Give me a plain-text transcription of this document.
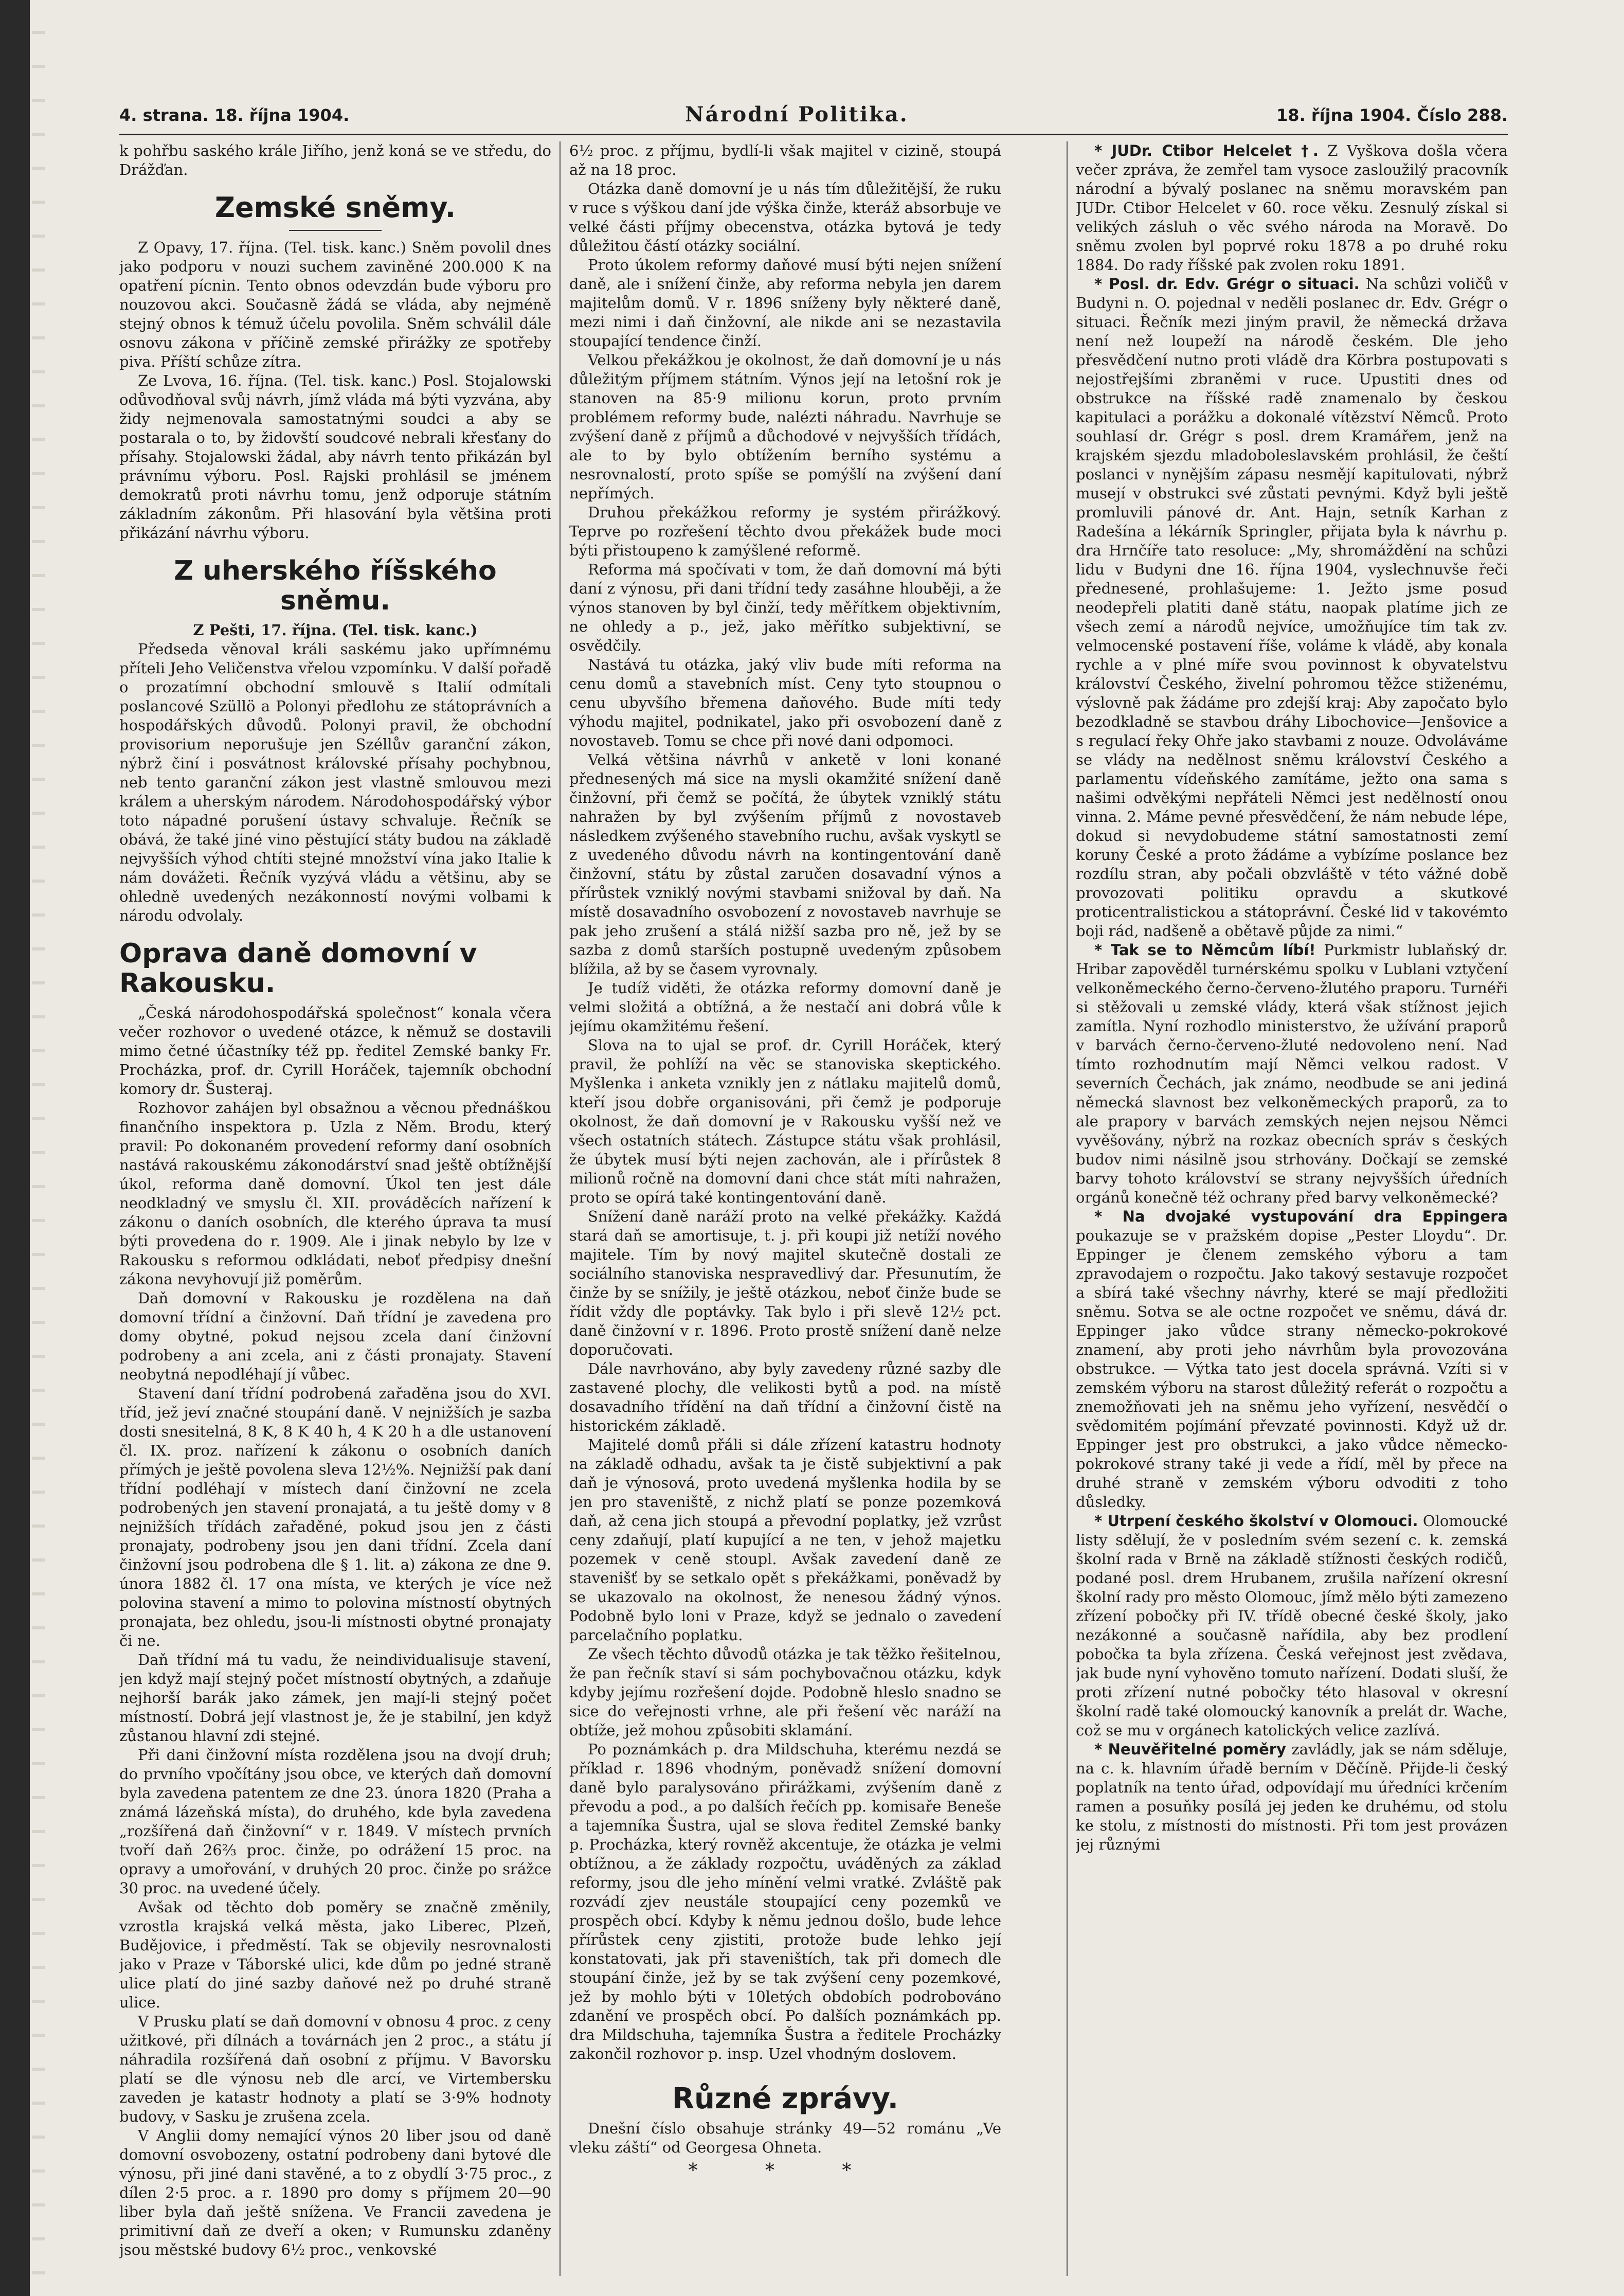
4. strana. 18. října 1904.	Národní Politika.	18. října 1904. Číslo 288.

k pohřbu saského krále Jiřího, jenž koná se ve středu, do Drážďan.

Zemské sněmy.

Z Opavy, 17. října. (Tel. tisk. kanc.) Sněm povolil dnes jako podporu v nouzi suchem zaviněné 200.000 K na opatření pícnin. Tento obnos odevzdán bude výboru pro nouzovou akci. Současně žádá se vláda, aby nejméně stejný obnos k témuž účelu povolila. Sněm schválil dále osnovu zákona v příčině zemské přirážky ze spotřeby piva. Příští schůze zítra.

Ze Lvova, 16. října. (Tel. tisk. kanc.) Posl. Stojalowski odůvodňoval svůj návrh, jímž vláda má býti vyzvána, aby židy nejmenovala samostatnými soudci a aby se postarala o to, by židovští soudcové nebrali křesťany do přísahy. Stojalowski žádal, aby návrh tento přikázán byl právnímu výboru. Posl. Rajski prohlásil se jménem demokratů proti návrhu tomu, jenž odporuje státním základním zákonům. Při hlasování byla většina proti přikázání návrhu výboru.

Z uherského říšského sněmu.
Z Pešti, 17. října. (Tel. tisk. kanc.)

Předseda věnoval králi saskému jako upřímnému příteli Jeho Veličenstva vřelou vzpomínku. V další pořadě o prozatímní obchodní smlouvě s Italií odmítali poslancové Szüllö a Polonyi předlohu ze státoprávních a hospodářských důvodů. Polonyi pravil, že obchodní provisorium neporušuje jen Széllův garanční zákon, nýbrž činí i posvátnost královské přísahy pochybnou, neb tento garanční zákon jest vlastně smlouvou mezi králem a uherským národem. Národohospodářský výbor toto nápadné porušení ústavy schvaluje. Řečník se obává, že také jiné vino pěstující státy budou na základě nejvyšších výhod chtíti stejné množství vína jako Italie k nám dovážeti. Řečník vyzývá vládu a většinu, aby se ohledně uvedených nezákonností novými volbami k národu odvolaly.

Oprava daně domovní v Rakousku.

„Česká národohospodářská společnost“ konala včera večer rozhovor o uvedené otázce, k němuž se dostavili mimo četné účastníky též pp. ředitel Zemské banky Fr. Procházka, prof. dr. Cyrill Horáček, tajemník obchodní komory dr. Šusteraj.

Rozhovor zahájen byl obsažnou a věcnou přednáškou finančního inspektora p. Uzla z Něm. Brodu, který pravil: Po dokonaném provedení reformy daní osobních nastává rakouskému zákonodárství snad ještě obtížnější úkol, reforma daně domovní. Úkol ten jest dále neodkladný ve smyslu čl. XII. prováděcích nařízení k zákonu o daních osobních, dle kterého úprava ta musí býti provedena do r. 1909. Ale i jinak nebylo by lze v Rakousku s reformou odkládati, neboť předpisy dnešní zákona nevyhovují již poměrům.

Daň domovní v Rakousku je rozdělena na daň domovní třídní a činžovní. Daň třídní je zavedena pro domy obytné, pokud nejsou zcela daní činžovní podrobeny a ani zcela, ani z části pronajaty. Stavení neobytná nepodléhají jí vůbec.

Stavení daní třídní podrobená zařaděna jsou do XVI. tříd, jež jeví značné stoupání daně. V nejnižších je sazba dosti snesitelná, 8 K, 8 K 40 h, 4 K 20 h a dle ustanovení čl. IX. proz. nařízení k zákonu o osobních daních přímých je ještě povolena sleva 12½%. Nejnižší pak daní třídní podléhají v místech daní činžovní ne zcela podrobených jen stavení pronajatá, a tu ještě domy v 8 nejnižších třídách zařaděné, pokud jsou jen z části pronajaty, podrobeny jsou jen dani třídní. Zcela daní činžovní jsou podrobena dle § 1. lit. a) zákona ze dne 9. února 1882 čl. 17 ona místa, ve kterých je více než polovina stavení a mimo to polovina místností obytných pronajata, bez ohledu, jsou-li místnosti obytné pronajaty či ne.

Daň třídní má tu vadu, že neindividualisuje stavení, jen když mají stejný počet místností obytných, a zdaňuje nejhorší barák jako zámek, jen mají-li stejný počet místností. Dobrá její vlastnost je, že je stabilní, jen když zůstanou hlavní zdi stejné.

Při dani činžovní místa rozdělena jsou na dvojí druh; do prvního vpočítány jsou obce, ve kterých daň domovní byla zavedena patentem ze dne 23. února 1820 (Praha a známá lázeňská místa), do druhého, kde byla zavedena „rozšířená daň činžovní“ v r. 1849. V místech prvních tvoří daň 26⅔ proc. činže, po odrážení 15 proc. na opravy a umořování, v druhých 20 proc. činže po srážce 30 proc. na uvedené účely.

Avšak od těchto dob poměry se značně změnily, vzrostla krajská velká města, jako Liberec, Plzeň, Budějovice, i předměstí. Tak se objevily nesrovnalosti jako v Praze v Táborské ulici, kde dům po jedné straně ulice platí do jiné sazby daňové než po druhé straně ulice.

V Prusku platí se daň domovní v obnosu 4 proc. z ceny užitkové, při dílnách a továrnách jen 2 proc., a státu jí náhradila rozšířená daň osobní z příjmu. V Bavorsku platí se dle výnosu neb dle arcí, ve Virtembersku zaveden je katastr hodnoty a platí se 3·9% hodnoty budovy, v Sasku je zrušena zcela.

V Anglii domy nemající výnos 20 liber jsou od daně domovní osvobozeny, ostatní podrobeny dani bytové dle výnosu, při jiné dani stavěné, a to z obydlí 3·75 proc., z dílen 2·5 proc. a r. 1890 pro domy s příjmem 20—90 liber byla daň ještě snížena. Ve Francii zavedena je primitivní daň ze dveří a oken; v Rumunsku zdaněny jsou městské budovy 6½ proc., venkovské

6½ proc. z příjmu, bydlí-li však majitel v cizině, stoupá až na 18 proc.

Otázka daně domovní je u nás tím důležitější, že ruku v ruce s výškou daní jde výška činže, kteráž absorbuje ve velké části příjmy obecenstva, otázka bytová je tedy důležitou částí otázky sociální.

Proto úkolem reformy daňové musí býti nejen snížení daně, ale i snížení činže, aby reforma nebyla jen darem majitelům domů. V r. 1896 sníženy byly některé daně, mezi nimi i daň činžovní, ale nikde ani se nezastavila stoupající tendence činží.

Velkou překážkou je okolnost, že daň domovní je u nás důležitým příjmem státním. Výnos její na letošní rok je stanoven na 85·9 milionu korun, proto prvním problémem reformy bude, nalézti náhradu. Navrhuje se zvýšení daně z příjmů a důchodové v nejvyšších třídách, ale to by bylo obtížením berního systému a nesrovnalostí, proto spíše se pomýšlí na zvýšení daní nepřímých.

Druhou překážkou reformy je systém přirážkový. Teprve po rozřešení těchto dvou překážek bude moci býti přistoupeno k zamýšlené reformě.

Reforma má spočívati v tom, že daň domovní má býti daní z výnosu, při dani třídní tedy zasáhne hlouběji, a že výnos stanoven by byl činží, tedy měřítkem objektivním, ne ohledy a p., jež, jako měřítko subjektivní, se osvědčily.

Nastává tu otázka, jaký vliv bude míti reforma na cenu domů a stavebních míst. Ceny tyto stoupnou o cenu ubyvšího břemena daňového. Bude míti tedy výhodu majitel, podnikatel, jako při osvobození daně z novostaveb. Tomu se chce při nové dani odpomoci.

Velká většina návrhů v anketě v loni konané přednesených má sice na mysli okamžité snížení daně činžovní, při čemž se počítá, že úbytek vzniklý státu nahražen by byl zvýšením příjmů z novostaveb následkem zvýšeného stavebního ruchu, avšak vyskytl se z uvedeného důvodu návrh na kontingentování daně činžovní, státu by zůstal zaručen dosavadní výnos a přírůstek vzniklý novými stavbami snižoval by daň. Na místě dosavadního osvobození z novostaveb navrhuje se pak jeho zrušení a stálá nižší sazba pro ně, jež by se sazba z domů starších postupně uvedeným způsobem blížila, až by se časem vyrovnaly.

Je tudíž viděti, že otázka reformy domovní daně je velmi složitá a obtížná, a že nestačí ani dobrá vůle k jejímu okamžitému řešení.

Slova na to ujal se prof. dr. Cyrill Horáček, který pravil, že pohlíží na věc se stanoviska skeptického. Myšlenka i anketa vznikly jen z nátlaku majitelů domů, kteří jsou dobře organisováni, při čemž je podporuje okolnost, že daň domovní je v Rakousku vyšší než ve všech ostatních státech. Zástupce státu však prohlásil, že úbytek musí býti nejen zachován, ale i přírůstek 8 milionů ročně na domovní dani chce stát míti nahražen, proto se opírá také kontingentování daně.

Snížení daně naráží proto na velké překážky. Každá stará daň se amortisuje, t. j. při koupi již netíží nového majitele. Tím by nový majitel skutečně dostali ze sociálního stanoviska nespravedlivý dar. Přesunutím, že činže by se snížily, je ještě otázkou, neboť činže bude se řídit vždy dle poptávky. Tak bylo i při slevě 12½ pct. daně činžovní v r. 1896. Proto prostě snížení daně nelze doporučovati.

Dále navrhováno, aby byly zavedeny různé sazby dle zastavené plochy, dle velikosti bytů a pod. na místě dosavadního třídění na daň třídní a činžovní čistě na historickém základě.

Majitelé domů přáli si dále zřízení katastru hodnoty na základě odhadu, avšak ta je čistě subjektivní a pak daň je výnosová, proto uvedená myšlenka hodila by se jen pro staveniště, z nichž platí se ponze pozemková daň, až cena jich stoupá a převodní poplatky, jež vzrůst ceny zdaňují, platí kupující a ne ten, v jehož majetku pozemek v ceně stoupl. Avšak zavedení daně ze stavenišť by se setkalo opět s překážkami, poněvadž by se ukazovalo na okolnost, že nenesou žádný výnos. Podobně bylo loni v Praze, když se jednalo o zavedení parcelačního poplatku.

Ze všech těchto důvodů otázka je tak těžko řešitelnou, že pan řečník staví si sám pochybovačnou otázku, kdyk kdyby jejímu rozřešení dojde. Podobně hleslo snadno se sice do veřejnosti vrhne, ale při řešení věc naráží na obtíže, jež mohou způsobiti sklamání.

Po poznámkách p. dra Mildschuha, kterému nezdá se příklad r. 1896 vhodným, poněvadž snížení domovní daně bylo paralysováno přirážkami, zvýšením daně z převodu a pod., a po dalších řečích pp. komisaře Beneše a tajemníka Šustra, ujal se slova ředitel Zemské banky p. Procházka, který rovněž akcentuje, že otázka je velmi obtížnou, a že základy rozpočtu, uváděných za základ reformy, jsou dle jeho mínění velmi vratké. Zvláště pak rozvádí zjev neustále stoupající ceny pozemků ve prospěch obcí. Kdyby k němu jednou došlo, bude lehce přírůstek ceny zjistiti, protože bude lehko její konstatovati, jak při staveništích, tak při domech dle stoupání činže, jež by se tak zvýšení ceny pozemkové, jež by mohlo býti v 10letých obdobích podrobováno zdanění ve prospěch obcí. Po dalších poznámkách pp. dra Mildschuha, tajemníka Šustra a ředitele Procházky zakončil rozhovor p. insp. Uzel vhodným doslovem.

Různé zprávy.

Dnešní číslo obsahuje stránky 49—52 románu „Ve vleku záští“ od Georgesa Ohneta.

* * *

* JUDr. Ctibor Helcelet †. Z Vyškova došla včera večer zpráva, že zemřel tam vysoce zasloužilý pracovník národní a bývalý poslanec na sněmu moravském pan JUDr. Ctibor Helcelet v 60. roce věku. Zesnulý získal si velikých zásluh o věc svého národa na Moravě. Do sněmu zvolen byl poprvé roku 1878 a po druhé roku 1884. Do rady říšské pak zvolen roku 1891.

* Posl. dr. Edv. Grégr o situaci. Na schůzi voličů v Budyni n. O. pojednal v neděli poslanec dr. Edv. Grégr o situaci. Řečník mezi jiným pravil, že německá država není než loupeží na národě českém. Dle jeho přesvědčení nutno proti vládě dra Körbra postupovati s nejostřejšími zbraněmi v ruce. Upustiti dnes od obstrukce na říšské radě znamenalo by českou kapitulaci a porážku a dokonalé vítězství Němců. Proto souhlasí dr. Grégr s posl. drem Kramářem, jenž na krajském sjezdu mladoboleslavském prohlásil, že čeští poslanci v nynějším zápasu nesmějí kapitulovati, nýbrž musejí v obstrukci své zůstati pevnými. Když byli ještě promluvili pánové dr. Ant. Hajn, setník Karhan z Radešína a lékárník Springler, přijata byla k návrhu p. dra Hrnčíře tato resoluce: „My, shromáždění na schůzi lidu v Budyni dne 16. října 1904, vyslechnuvše řeči přednesené, prohlašujeme: 1. Ježto jsme posud neodepřeli platiti daně státu, naopak platíme jich ze všech zemí a národů nejvíce, umožňujíce tím tak zv. velmocenské postavení říše, voláme k vládě, aby konala rychle a v plné míře svou povinnost k obyvatelstvu království Českého, živelní pohromou těžce stiženému, výslovně pak žádáme pro zdejší kraj: Aby započato bylo bezodkladně se stavbou dráhy Libochovice—Jenšovice a s regulací řeky Ohře jako stavbami z nouze. Odvoláváme se vlády na nedělnost sněmu království Českého a parlamentu vídeňského zamítáme, ježto ona sama s našimi odvěkými nepřáteli Němci jest nedělností onou vinna. 2. Máme pevné přesvědčení, že nám nebude lépe, dokud si nevydobudeme státní samostatnosti zemí koruny České a proto žádáme a vybízíme poslance bez rozdílu stran, aby počali obzvláště v této vážné době provozovati politiku opravdu a skutkové proticentralistickou a státoprávní. České lid v takovémto boji rád, nadšeně a obětavě půjde za nimi.“

* Tak se to Němcům líbí! Purkmistr lublaňský dr. Hribar zapověděl turnérskému spolku v Lublani vztyčení velkoněmeckého černo-červeno-žlutého praporu. Turnéři si stěžovali u zemské vlády, která však stížnost jejich zamítla. Nyní rozhodlo ministerstvo, že užívání praporů v barvách černo-červeno-žluté nedovoleno není. Nad tímto rozhodnutím mají Němci velkou radost. V severních Čechách, jak známo, neodbude se ani jediná německá slavnost bez velkoněmeckých praporů, za to ale prapory v barvách zemských nejen nejsou Němci vyvěšovány, nýbrž na rozkaz obecních správ s českých budov nimi násilně jsou strhovány. Dočkají se zemské barvy tohoto království se strany nejvyšších úředních orgánů konečně též ochrany před barvy velkoněmecké?

* Na dvojaké vystupování dra Eppingera poukazuje se v pražském dopise „Pester Lloydu“. Dr. Eppinger je členem zemského výboru a tam zpravodajem o rozpočtu. Jako takový sestavuje rozpočet a sbírá také všechny návrhy, které se mají předložiti sněmu. Sotva se ale octne rozpočet ve sněmu, dává dr. Eppinger jako vůdce strany německo-pokrokové znamení, aby proti jeho návrhům byla provozována obstrukce. — Výtka tato jest docela správná. Vzíti si v zemském výboru na starost důležitý referát o rozpočtu a znemožňovati jeh na sněmu jeho vyřízení, nesvědčí o svědomitém pojímání převzaté povinnosti. Když už dr. Eppinger jest pro obstrukci, a jako vůdce německo-pokrokové strany také ji vede a řídí, měl by přece na druhé straně v zemském výboru odvoditi z toho důsledky.

* Utrpení českého školství v Olomouci. Olomoucké listy sdělují, že v posledním svém sezení c. k. zemská školní rada v Brně na základě stížnosti českých rodičů, podané posl. drem Hrubanem, zrušila nařízení okresní školní rady pro město Olomouc, jímž mělo býti zamezeno zřízení pobočky při IV. třídě obecné české školy, jako nezákonné a současně nařídila, aby bez prodlení pobočka ta byla zřízena. Česká veřejnost jest zvědava, jak bude nyní vyhověno tomuto nařízení. Dodati sluší, že proti zřízení nutné pobočky této hlasoval v okresní školní radě také olomoucký kanovník a prelát dr. Wache, což se mu v orgánech katolických velice zazlívá.

* Neuvěřitelné poměry zavládly, jak se nám sděluje, na c. k. hlavním úřadě berním v Děčíně. Přijde-li český poplatník na tento úřad, odpovídají mu úředníci krčením ramen a posuňky posílá jej jeden ke druhému, od stolu ke stolu, z místnosti do místnosti. Při tom jest provázen jej různými
